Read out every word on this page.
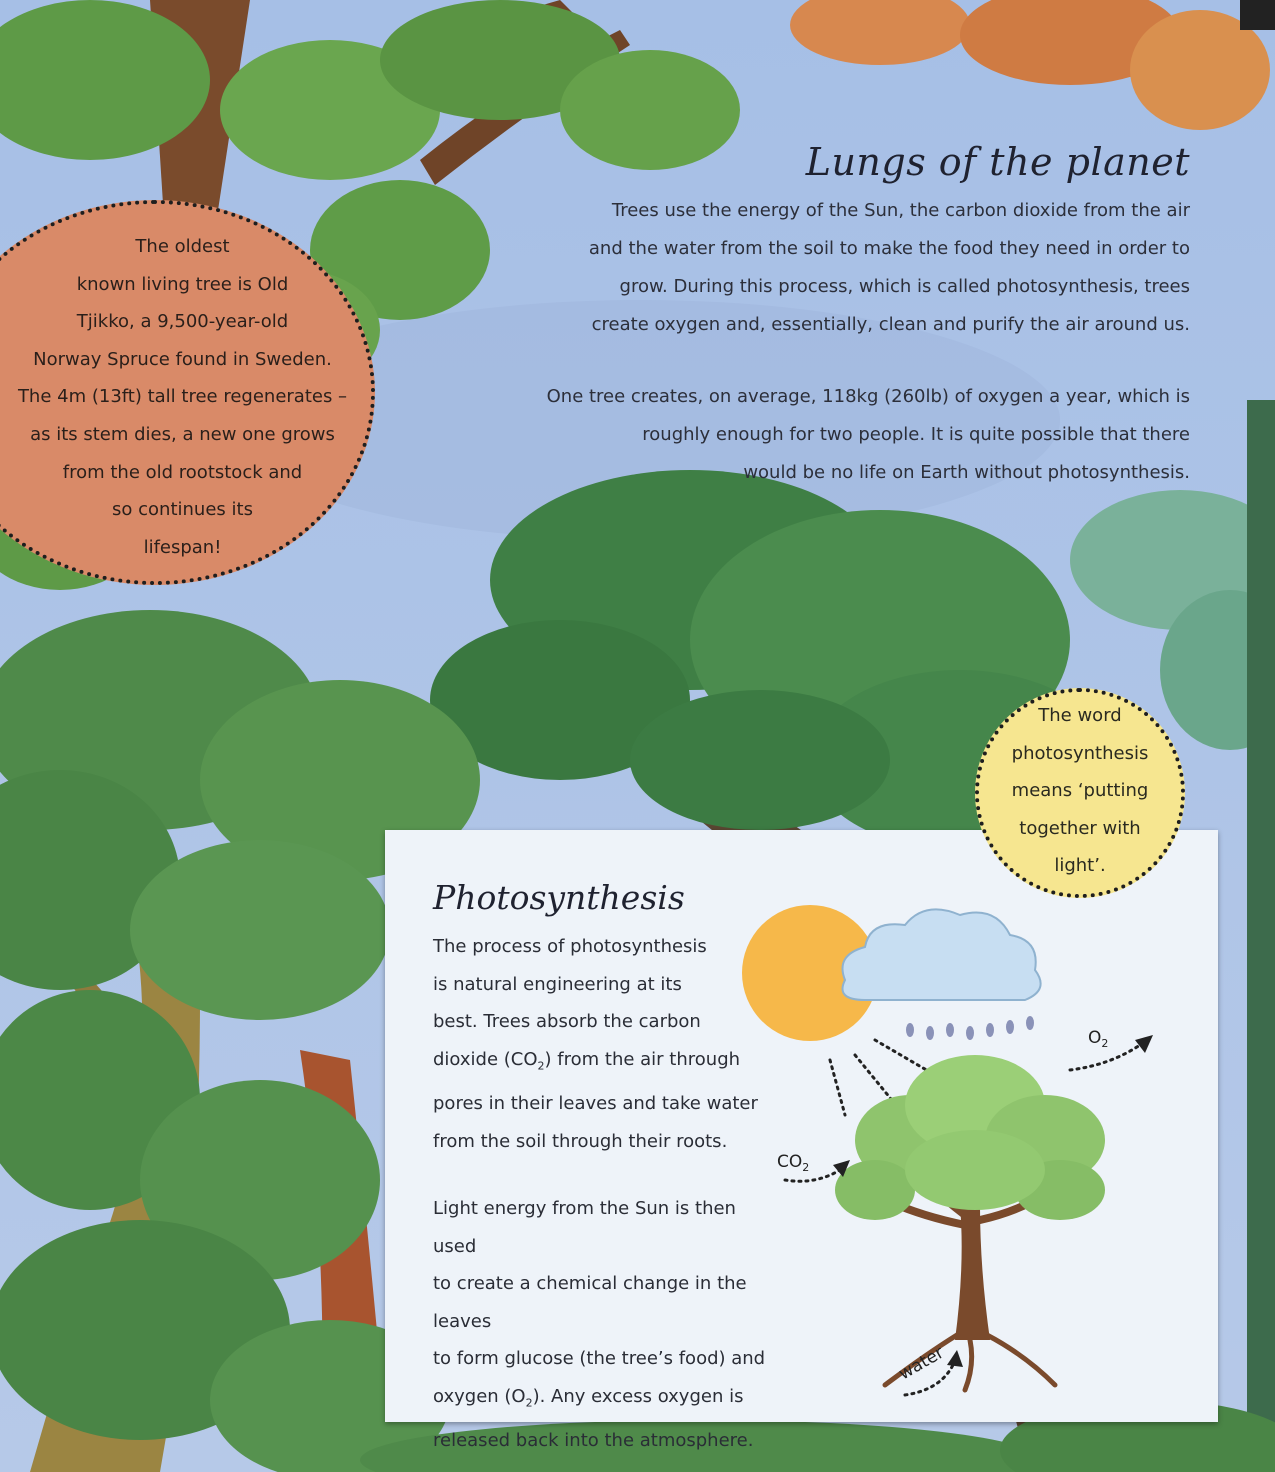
Lungs of the planet

Trees use the energy of the Sun, the carbon dioxide from the air
and the water from the soil to make the food they need in order to
grow. During this process, which is called photosynthesis, trees
create oxygen and, essentially, clean and purify the air around us.

One tree creates, on average, 118kg (260lb) of oxygen a year, which is
roughly enough for two people. It is quite possible that there
would be no life on Earth without photosynthesis.

The oldest
known living tree is Old
Tjikko, a 9,500-year-old
Norway Spruce found in Sweden.
The 4m (13ft) tall tree regenerates –
as its stem dies, a new one grows
from the old rootstock and
so continues its
lifespan!
Photosynthesis

The process of photosynthesis
is natural engineering at its
best. Trees absorb the carbon
dioxide $(CO_2)$ from the air through
pores in their leaves and take water
from the soil through their roots.

Light energy from the Sun is then used
to create a chemical change in the leaves
to form glucose (the tree’s food) and
oxygen $(O_2)$. Any excess oxygen is
released back into the atmosphere.

$O_2$
$CO_2$
water
The word
photosynthesis
means ‘putting
together with
light’.
